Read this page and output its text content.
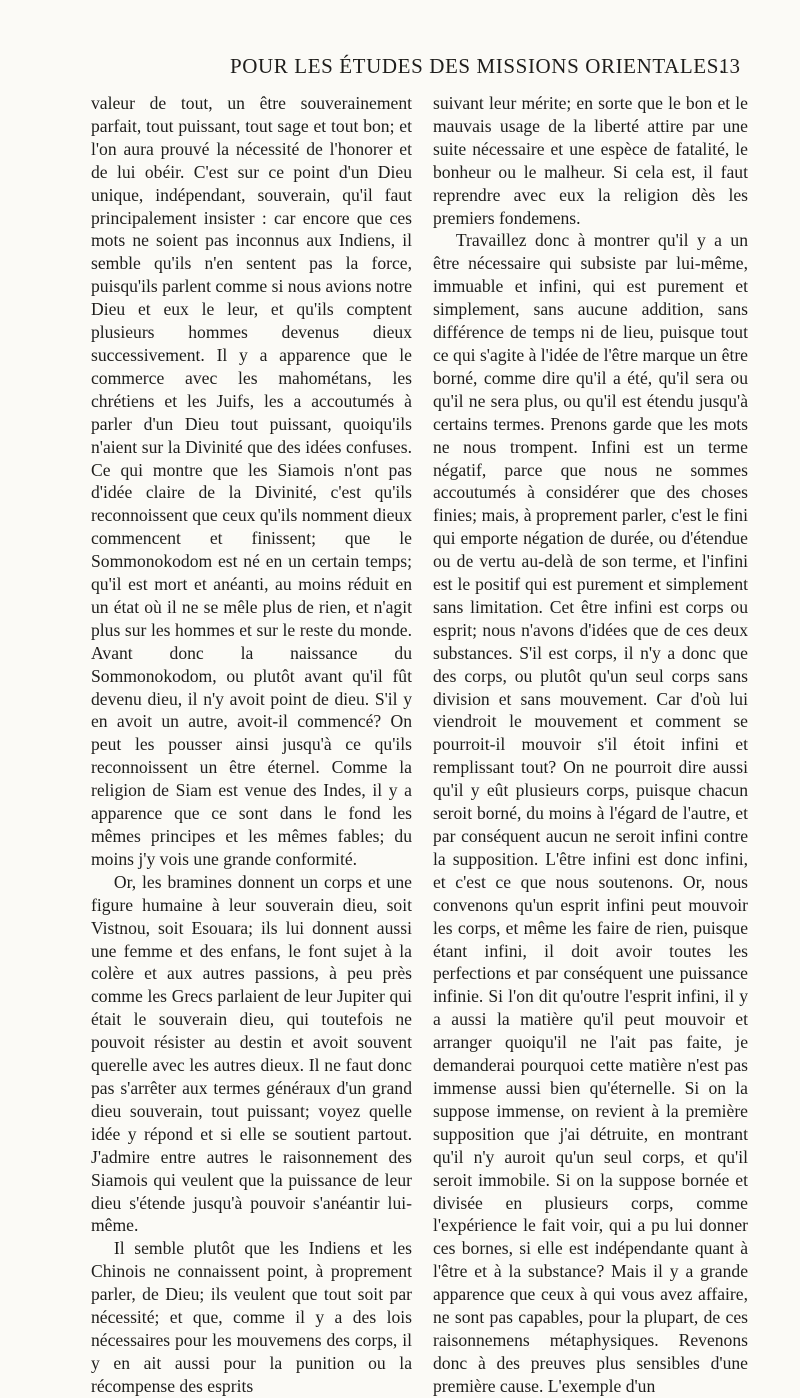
POUR LES ÉTUDES DES MISSIONS ORIENTALES.
13

valeur de tout, un être souverainement parfait, tout puissant, tout sage et tout bon; et l'on aura prouvé la nécessité de l'honorer et de lui obéir. C'est sur ce point d'un Dieu unique, indépendant, souverain, qu'il faut principalement insister : car encore que ces mots ne soient pas inconnus aux Indiens, il semble qu'ils n'en sentent pas la force, puisqu'ils parlent comme si nous avions notre Dieu et eux le leur, et qu'ils comptent plusieurs hommes devenus dieux successivement. Il y a apparence que le commerce avec les mahométans, les chrétiens et les Juifs, les a accoutumés à parler d'un Dieu tout puissant, quoiqu'ils n'aient sur la Divinité que des idées confuses. Ce qui montre que les Siamois n'ont pas d'idée claire de la Divinité, c'est qu'ils reconnoissent que ceux qu'ils nomment dieux commencent et finissent; que le Sommonokodom est né en un certain temps; qu'il est mort et anéanti, au moins réduit en un état où il ne se mêle plus de rien, et n'agit plus sur les hommes et sur le reste du monde. Avant donc la naissance du Sommonokodom, ou plutôt avant qu'il fût devenu dieu, il n'y avoit point de dieu. S'il y en avoit un autre, avoit-il commencé? On peut les pousser ainsi jusqu'à ce qu'ils reconnoissent un être éternel. Comme la religion de Siam est venue des Indes, il y a apparence que ce sont dans le fond les mêmes principes et les mêmes fables; du moins j'y vois une grande conformité.

Or, les bramines donnent un corps et une figure humaine à leur souverain dieu, soit Vistnou, soit Esouara; ils lui donnent aussi une femme et des enfans, le font sujet à la colère et aux autres passions, à peu près comme les Grecs parlaient de leur Jupiter qui était le souverain dieu, qui toutefois ne pouvoit résister au destin et avoit souvent querelle avec les autres dieux. Il ne faut donc pas s'arrêter aux termes généraux d'un grand dieu souverain, tout puissant; voyez quelle idée y répond et si elle se soutient partout. J'admire entre autres le raisonnement des Siamois qui veulent que la puissance de leur dieu s'étende jusqu'à pouvoir s'anéantir lui-même.

Il semble plutôt que les Indiens et les Chinois ne connaissent point, à proprement parler, de Dieu; ils veulent que tout soit par nécessité; et que, comme il y a des lois nécessaires pour les mouvemens des corps, il y en ait aussi pour la punition ou la récompense des esprits

suivant leur mérite; en sorte que le bon et le mauvais usage de la liberté attire par une suite nécessaire et une espèce de fatalité, le bonheur ou le malheur. Si cela est, il faut reprendre avec eux la religion dès les premiers fondemens.

Travaillez donc à montrer qu'il y a un être nécessaire qui subsiste par lui-même, immuable et infini, qui est purement et simplement, sans aucune addition, sans différence de temps ni de lieu, puisque tout ce qui s'agite à l'idée de l'être marque un être borné, comme dire qu'il a été, qu'il sera ou qu'il ne sera plus, ou qu'il est étendu jusqu'à certains termes. Prenons garde que les mots ne nous trompent. Infini est un terme négatif, parce que nous ne sommes accoutumés à considérer que des choses finies; mais, à proprement parler, c'est le fini qui emporte négation de durée, ou d'étendue ou de vertu au-delà de son terme, et l'infini est le positif qui est purement et simplement sans limitation. Cet être infini est corps ou esprit; nous n'avons d'idées que de ces deux substances. S'il est corps, il n'y a donc que des corps, ou plutôt qu'un seul corps sans division et sans mouvement. Car d'où lui viendroit le mouvement et comment se pourroit-il mouvoir s'il étoit infini et remplissant tout? On ne pourroit dire aussi qu'il y eût plusieurs corps, puisque chacun seroit borné, du moins à l'égard de l'autre, et par conséquent aucun ne seroit infini contre la supposition. L'être infini est donc infini, et c'est ce que nous soutenons. Or, nous convenons qu'un esprit infini peut mouvoir les corps, et même les faire de rien, puisque étant infini, il doit avoir toutes les perfections et par conséquent une puissance infinie. Si l'on dit qu'outre l'esprit infini, il y a aussi la matière qu'il peut mouvoir et arranger quoiqu'il ne l'ait pas faite, je demanderai pourquoi cette matière n'est pas immense aussi bien qu'éternelle. Si on la suppose immense, on revient à la première supposition que j'ai détruite, en montrant qu'il n'y auroit qu'un seul corps, et qu'il seroit immobile. Si on la suppose bornée et divisée en plusieurs corps, comme l'expérience le fait voir, qui a pu lui donner ces bornes, si elle est indépendante quant à l'être et à la substance? Mais il y a grande apparence que ceux à qui vous avez affaire, ne sont pas capables, pour la plupart, de ces raisonnemens métaphysiques. Revenons donc à des preuves plus sensibles d'une première cause. L'exemple d'un
